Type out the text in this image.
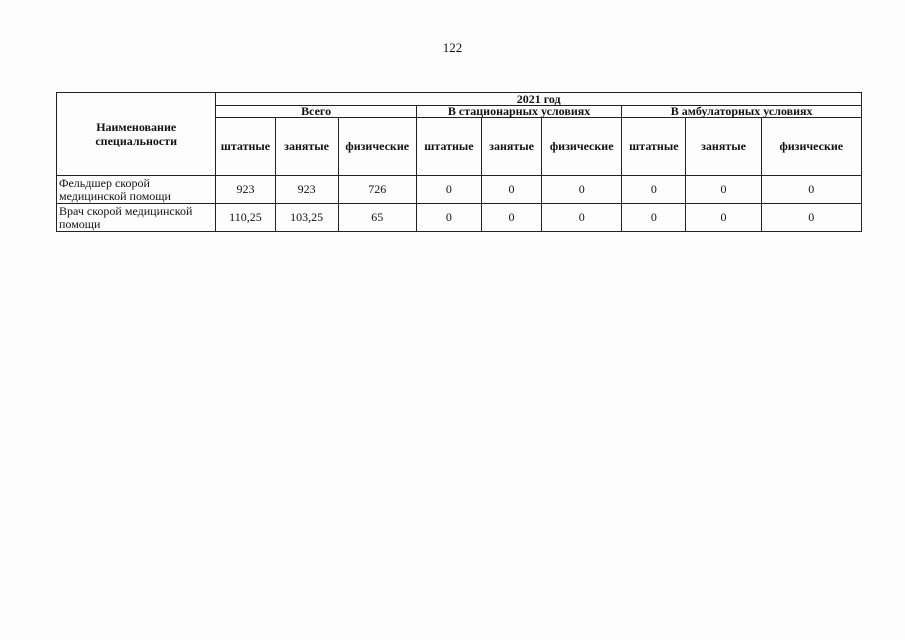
122
Наименование специальности	2021 год								
	Всего			В стационарных условиях			В амбулаторных условиях		
	штатные	занятые	физические	штатные	занятые	физические	штатные	занятые	физические
Фельдшер скорой медицинской помощи	923	923	726	0	0	0	0	0	0
Врач скорой медицинской помощи	110,25	103,25	65	0	0	0	0	0	0
